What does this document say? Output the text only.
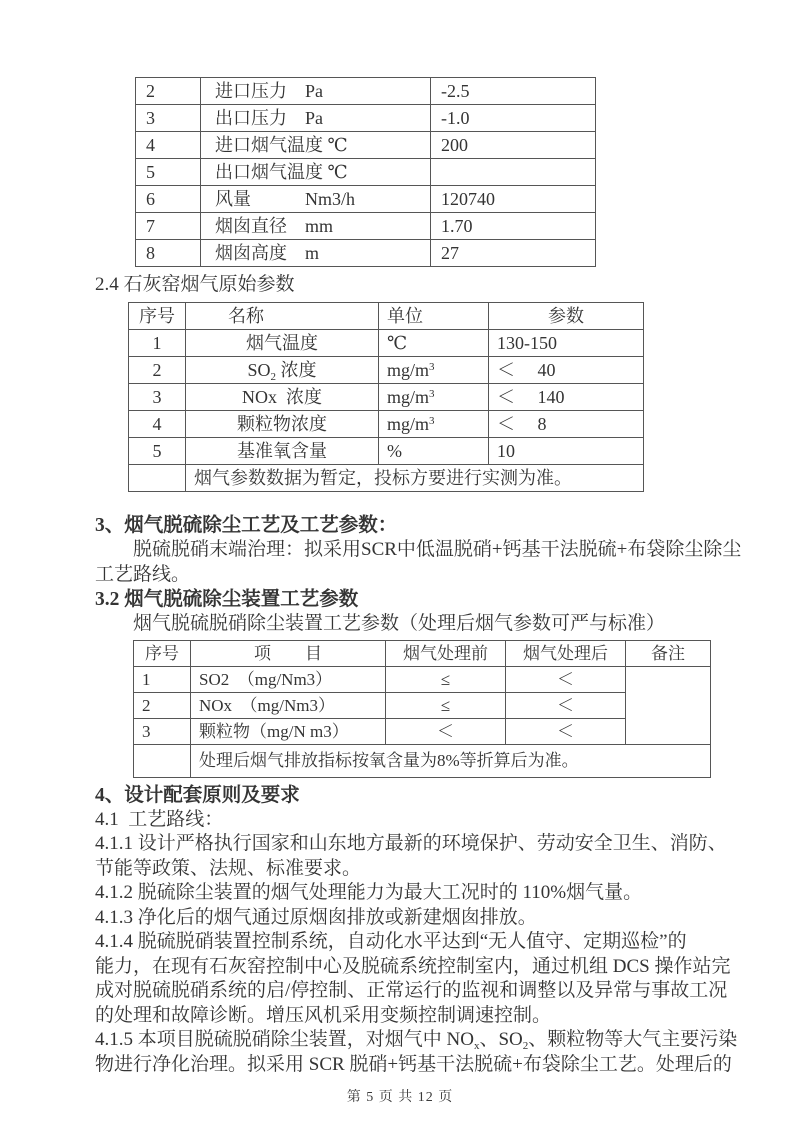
2	进口压力　Pa	-2.5
3	出口压力　Pa	-1.0
4	进口烟气温度 ℃	200
5	出口烟气温度 ℃	
6	风量　　　Nm3/h	120740
7	烟囱直径　mm	1.70
8	烟囱高度　m	27
2.4 石灰窑烟气原始参数
序号	名称	单位	参数
1	烟气温度	℃	130-150
2	$SO_2$ 浓度	$mg/m^3$	＜　 40
3	NOx  浓度	$mg/m^3$	＜　 140
4	颗粒物浓度	$mg/m^3$	＜　 8
5	基准氧含量	%	10
	烟气参数数据为暂定，投标方要进行实测为准。		
3、烟气脱硫除尘工艺及工艺参数：
脱硫脱硝末端治理：拟采用SCR中低温脱硝+钙基干法脱硫+布袋除尘除尘
工艺路线。
3.2 烟气脱硫除尘装置工艺参数
烟气脱硫脱硝除尘装置工艺参数（处理后烟气参数可严与标准）
序号	项　　目	烟气处理前	烟气处理后	备注
1	SO2　（mg/Nm3）	≤	＜	
2	NOx　（mg/Nm3）	≤	＜	
3	颗粒物（mg/N m3）	＜	＜	
	处理后烟气排放指标按氧含量为8%等折算后为准。			
4、设计配套原则及要求
4.1  工艺路线：
4.1.1 设计严格执行国家和山东地方最新的环境保护、劳动安全卫生、消防、
节能等政策、法规、标准要求。
4.1.2 脱硫除尘装置的烟气处理能力为最大工况时的 110%烟气量。
4.1.3 净化后的烟气通过原烟囱排放或新建烟囱排放。
4.1.4 脱硫脱硝装置控制系统，自动化水平达到“无人值守、定期巡检”的
能力，在现有石灰窑控制中心及脱硫系统控制室内，通过机组 DCS 操作站完
成对脱硫脱硝系统的启/停控制、正常运行的监视和调整以及异常与事故工况
的处理和故障诊断。增压风机采用变频控制调速控制。
4.1.5 本项目脱硫脱硝除尘装置，对烟气中 $NO_x$、$SO_2$、颗粒物等大气主要污染
物进行净化治理。拟采用 SCR 脱硝+钙基干法脱硫+布袋除尘工艺。处理后的
第 5 页 共 12 页
